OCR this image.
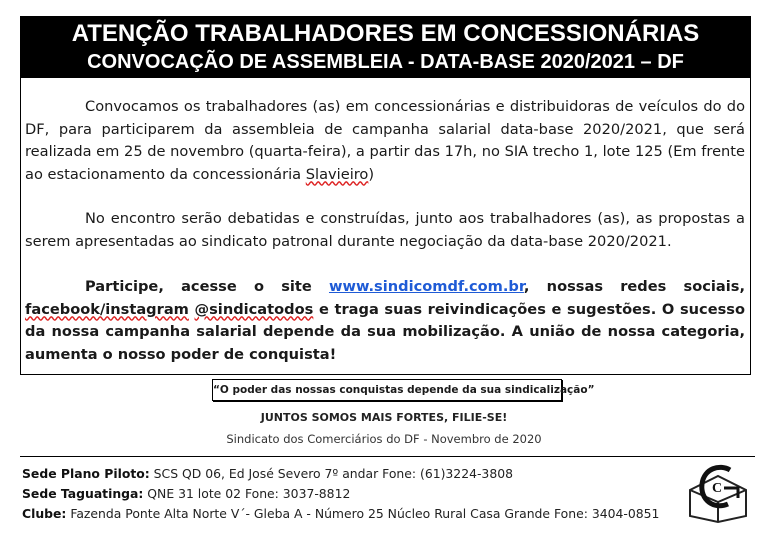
ATENÇÃO TRABALHADORES EM CONCESSIONÁRIAS
CONVOCAÇÃO DE ASSEMBLEIA - DATA-BASE 2020/2021 – DF

Convocamos os trabalhadores (as) em concessionárias e distribuidoras de veículos do do DF, para participarem da assembleia de campanha salarial data-base 2020/2021, que será realizada em 25 de novembro (quarta-feira), a partir das 17h, no SIA trecho 1, lote 125 (Em frente ao estacionamento da concessionária Slavieiro)

No encontro serão debatidas e construídas, junto aos trabalhadores (as), as propostas a serem apresentadas ao sindicato patronal durante negociação da data-base 2020/2021.

Participe, acesse o site www.sindicomdf.com.br, nossas redes sociais, facebook/instagram @sindicatodos e traga suas reivindicações e sugestões. O sucesso da nossa campanha salarial depende da sua mobilização. A união de nossa categoria, aumenta o nosso poder de conquista!

“O poder das nossas conquistas depende da sua sindicalização”
JUNTOS SOMOS MAIS FORTES, FILIE-SE!
Sindicato dos Comerciários do DF - Novembro de 2020
Sede Plano Piloto: SCS QD 06, Ed José Severo 7º andar Fone: (61)3224-3808
Sede Taguatinga: QNE 31 lote 02 Fone: 3037-8812
Clube: Fazenda Ponte Alta Norte V´- Gleba A - Número 25 Núcleo Rural Casa Grande Fone: 3404-0851
C
